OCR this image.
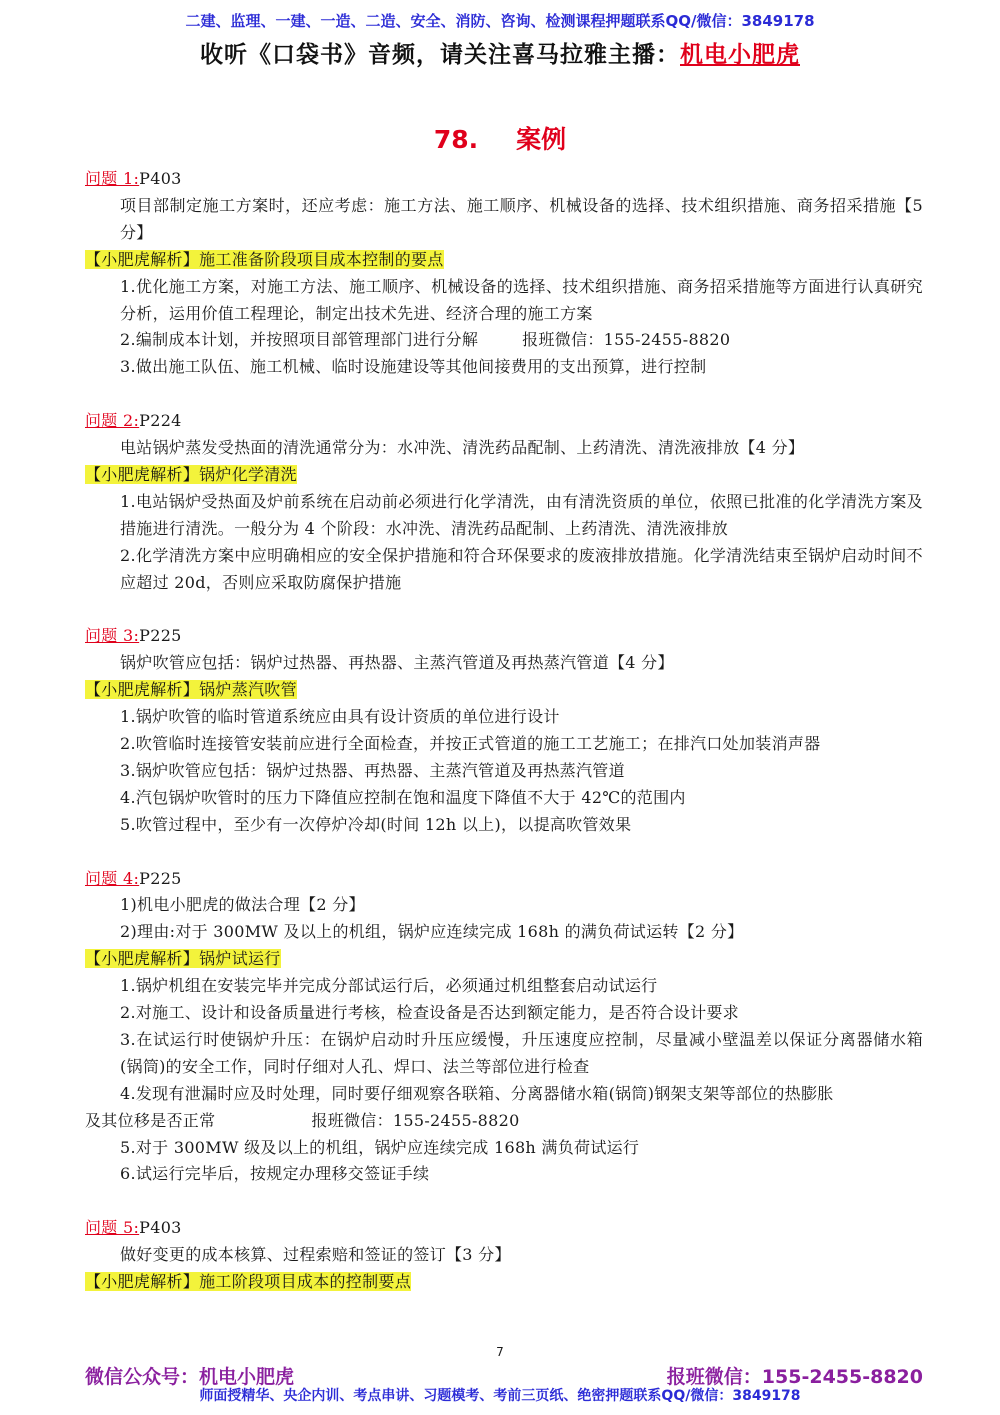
二建、监理、一建、一造、二造、安全、消防、咨询、检测课程押题联系QQ/微信：3849178
收听《口袋书》音频，请关注喜马拉雅主播：机电小肥虎
78. 案例
问题 1:P403
项目部制定施工方案时，还应考虑：施工方法、施工顺序、机械设备的选择、技术组织措施、商务招采措施【5 分】
【小肥虎解析】施工准备阶段项目成本控制的要点
1.优化施工方案，对施工方法、施工顺序、机械设备的选择、技术组织措施、商务招采措施等方面进行认真研究分析，运用价值工程理论，制定出技术先进、经济合理的施工方案
2.编制成本计划，并按照项目部管理部门进行分解	报班微信：155-2455-8820
3.做出施工队伍、施工机械、临时设施建设等其他间接费用的支出预算，进行控制
问题 2:P224
电站锅炉蒸发受热面的清洗通常分为：水冲洗、清洗药品配制、上药清洗、清洗液排放【4 分】
【小肥虎解析】锅炉化学清洗
1.电站锅炉受热面及炉前系统在启动前必须进行化学清洗，由有清洗资质的单位，依照已批准的化学清洗方案及措施进行清洗。一般分为 4 个阶段：水冲洗、清洗药品配制、上药清洗、清洗液排放
2.化学清洗方案中应明确相应的安全保护措施和符合环保要求的废液排放措施。化学清洗结束至锅炉启动时间不应超过 20d，否则应采取防腐保护措施
问题 3:P225
锅炉吹管应包括：锅炉过热器、再热器、主蒸汽管道及再热蒸汽管道【4 分】
【小肥虎解析】锅炉蒸汽吹管
1.锅炉吹管的临时管道系统应由具有设计资质的单位进行设计
2.吹管临时连接管安装前应进行全面检查，并按正式管道的施工工艺施工；在排汽口处加装消声器
3.锅炉吹管应包括：锅炉过热器、再热器、主蒸汽管道及再热蒸汽管道
4.汽包锅炉吹管时的压力下降值应控制在饱和温度下降值不大于 42℃的范围内
5.吹管过程中，至少有一次停炉冷却(时间 12h 以上)，以提高吹管效果
问题 4:P225
1)机电小肥虎的做法合理【2 分】
2)理由:对于 300MW 及以上的机组，锅炉应连续完成 168h 的满负荷试运转【2 分】
【小肥虎解析】锅炉试运行
1.锅炉机组在安装完毕并完成分部试运行后，必须通过机组整套启动试运行
2.对施工、设计和设备质量进行考核，检查设备是否达到额定能力，是否符合设计要求
3.在试运行时使锅炉升压：在锅炉启动时升压应缓慢，升压速度应控制，尽量减小壁温差以保证分离器储水箱(锅筒)的安全工作，同时仔细对人孔、焊口、法兰等部位进行检查
4.发现有泄漏时应及时处理，同时要仔细观察各联箱、分离器储水箱(锅筒)钢架支架等部位的热膨胀
及其位移是否正常	报班微信：155-2455-8820
5.对于 300MW 级及以上的机组，锅炉应连续完成 168h 满负荷试运行
6.试运行完毕后，按规定办理移交签证手续
问题 5:P403
做好变更的成本核算、过程索赔和签证的签订【3 分】
【小肥虎解析】施工阶段项目成本的控制要点
7
微信公众号：机电小肥虎	报班微信：155-2455-8820
师面授精华、央企内训、考点串讲、习题模考、考前三页纸、绝密押题联系QQ/微信：3849178
